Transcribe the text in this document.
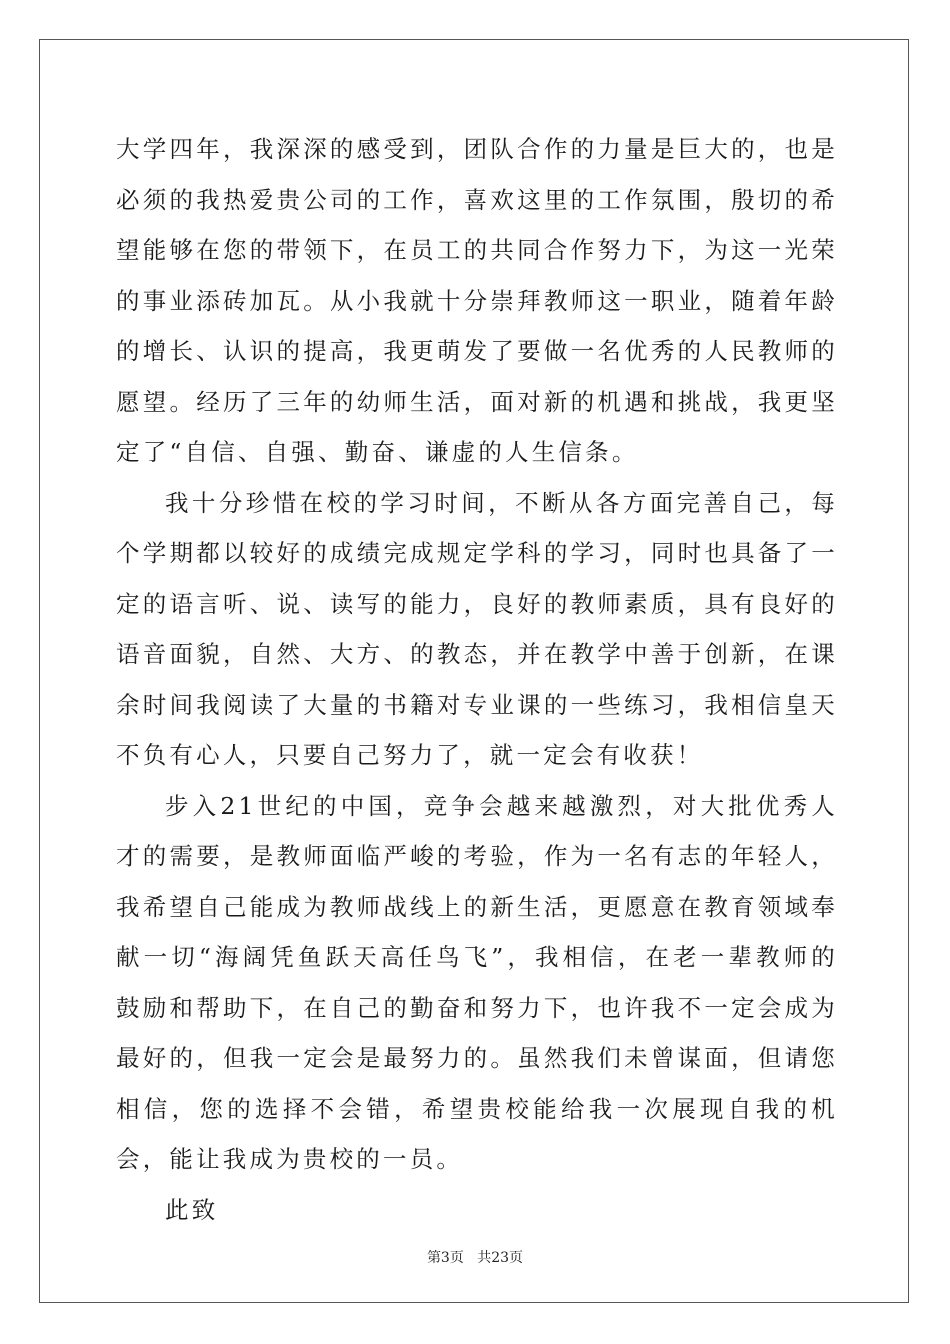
大学四年，我深深的感受到，团队合作的力量是巨大的，也是必须的我热爱贵公司的工作，喜欢这里的工作氛围，殷切的希望能够在您的带领下，在员工的共同合作努力下，为这一光荣的事业添砖加瓦。从小我就十分崇拜教师这一职业，随着年龄的增长、认识的提高，我更萌发了要做一名优秀的人民教师的愿望。经历了三年的幼师生活，面对新的机遇和挑战，我更坚定了“自信、自强、勤奋、谦虚的人生信条。

我十分珍惜在校的学习时间，不断从各方面完善自己，每个学期都以较好的成绩完成规定学科的学习，同时也具备了一定的语言听、说、读写的能力，良好的教师素质，具有良好的语音面貌，自然、大方、的教态，并在教学中善于创新，在课余时间我阅读了大量的书籍对专业课的一些练习，我相信皇天不负有心人，只要自己努力了，就一定会有收获！

步入21世纪的中国，竞争会越来越激烈，对大批优秀人才的需要，是教师面临严峻的考验，作为一名有志的年轻人，我希望自己能成为教师战线上的新生活，更愿意在教育领域奉献一切“海阔凭鱼跃天高任鸟飞”，我相信，在老一辈教师的鼓励和帮助下，在自己的勤奋和努力下，也许我不一定会成为最好的，但我一定会是最努力的。虽然我们未曾谋面，但请您相信，您的选择不会错，希望贵校能给我一次展现自我的机会，能让我成为贵校的一员。

此致

第3页 共23页
